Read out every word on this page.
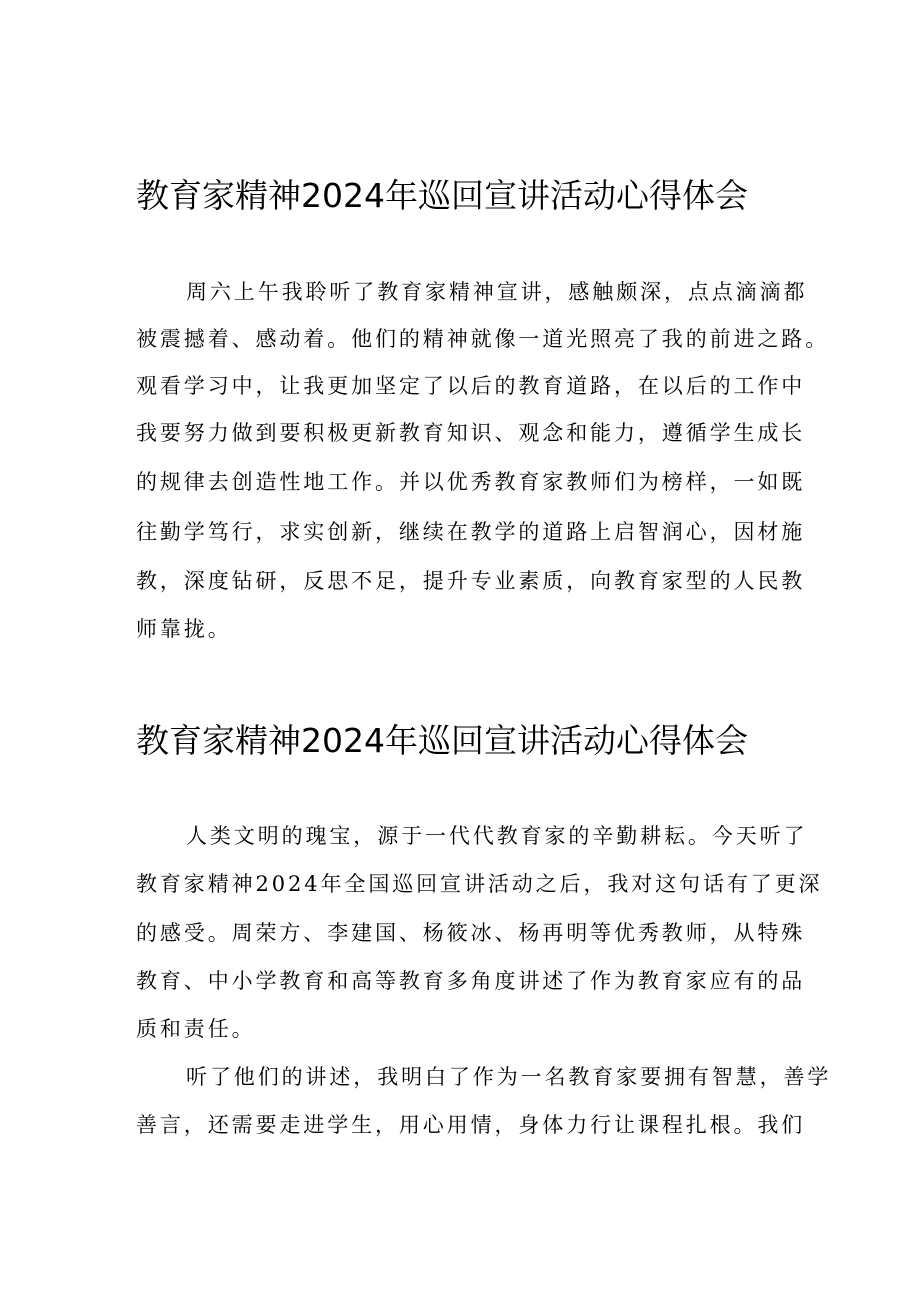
教育家精神2024年巡回宣讲活动心得体会

周六上午我聆听了教育家精神宣讲，感触颇深，点点滴滴都

被震撼着、感动着。他们的精神就像一道光照亮了我的前进之路。

观看学习中，让我更加坚定了以后的教育道路，在以后的工作中

我要努力做到要积极更新教育知识、观念和能力，遵循学生成长

的规律去创造性地工作。并以优秀教育家教师们为榜样，一如既

往勤学笃行，求实创新，继续在教学的道路上启智润心，因材施

教，深度钻研，反思不足，提升专业素质，向教育家型的人民教

师靠拢。

教育家精神2024年巡回宣讲活动心得体会

人类文明的瑰宝，源于一代代教育家的辛勤耕耘。今天听了

教育家精神2024年全国巡回宣讲活动之后，我对这句话有了更深

的感受。周荣方、李建国、杨筱冰、杨再明等优秀教师，从特殊

教育、中小学教育和高等教育多角度讲述了作为教育家应有的品

质和责任。

听了他们的讲述，我明白了作为一名教育家要拥有智慧，善学

善言，还需要走进学生，用心用情，身体力行让课程扎根。我们
